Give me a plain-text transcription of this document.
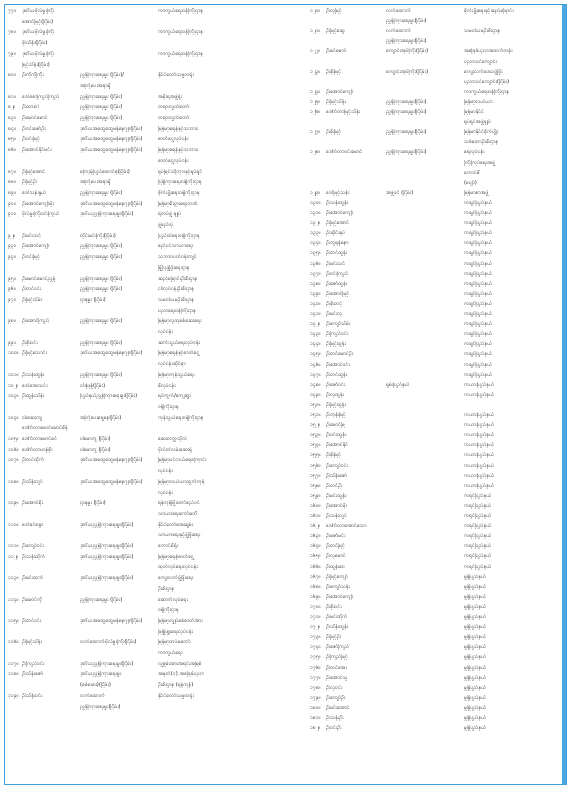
၇၇။	ဒုတိယဗိုလ်မှူးကြီး	ကာကွယ်ရေးဝန်ကြီးဌာန
အောင်မြင့်(ငြိမ်း)
၇၈။	ဒုတိယဗိုလ်မှူးကြီး	ကာကွယ်ရေးဝန်ကြီးဌာန
ဖိုးသိန်း(ငြိမ်း)
၇၉။	ဒုတိယဗိုလ်မှူးကြီး	ကာကွယ်ရေးဝန်ကြီးဌာန
မြင့်သိန်း(ငြိမ်း)
၈၀။	ဦးကိုကိုကြီး	ညွှန်ကြားရေးမှူး (ငြိမ်း)/	နိုင်ငံတော်သမ္မတရုံး
အကြံပေးအရာရှိ
၈၁။	ဒေါ်စောကြည်ကြည်	ညွှန်ကြားရေးမှူး (ငြိမ်း)	အစိုးရအဖွဲ့ရုံး
၈၂။	ဦးထားဝါ	ညွှန်ကြားရေးမှူး (ငြိမ်း)	တရားလွှတ်တော်
၈၃။	ဦးမောင်မောင်	ညွှန်ကြားရေးမှူး (ငြိမ်း)	တရားလွှတ်တော်
၈၄။	ဦးဝင်းဇော်ဦး	ဒုတိယအထွေထွေမန်နေဂျာ(ငြိမ်း)	မြန်မာ့ရေနံနှင့်သဘာဝ
၈၅။	ဦးဝင်းမြင့်	ဒုတိယအထွေထွေမန်နေဂျာ(ငြိမ်း)	ဓာတ်ငွေ့လုပ်ငန်း
၈၆။	ဦးအောင်ခိုင်မင်း	ဒုတိယအထွေထွေမန်နေဂျာ(ငြိမ်း)	မြန်မာ့ရေနံနှင့်သဘာဝ
ဓာတ်ငွေ့လုပ်ငန်း
၈၇။	ဦးမြင့်အောင်	ကြေးမုံပြည်ထောင်စု(ငြိမ်း)	ရုပ်မြင်သံကြားနှင့်ရုပ်ရှင်
၈၈။	ဦးမြင့်ဦး	အကြံပေးအရာရှိ	ပြန်ကြားရေးဝန်ကြီးဌာန
၈၉။	ဒေါ်သန်းနွယ်	ညွှန်ကြားရေးမှူး (ငြိမ်း)	စိုက်ပျိုးရေးဝန်ကြီးဌာန
၉၀။	ဦးအောင်ကျော်မိုး	ဒုတိယအထွေထွေမန်နေဂျာ(ငြိမ်း)	မြန်မာ့စီးပွားရေးဘဏ်
၉၁။	ဗိုလ်မှူးကြီးဝင်းကြွယ်	ဒုတိယညွှန်ကြားရေးမှူး(ငြိမ်း)	ရဲတပ်ဖွဲ့ ချုပ်
ဖွဲ့စည်းပုံ
၉၂။	ဦးမင်းသင်	တိုင်းမင်းကြီး(ငြိမ်း)	ပြည်ထဲရေးဝန်ကြီးဌာန
၉၃။	ဦးအောင်ကျော်	ညွှန်ကြားရေးမှူး (ငြိမ်း)	စည်ပင်သာယာရေး
၉၄။	ဦးဝင်းမြင့်	ညွှန်ကြားရေးမှူး (ငြိမ်း)	သဘာဝပတ်ဝန်းကျင်
မြို့ပြဖွံ့ဖြိုးရေးဌာန
၉၅။	ဦးမောင်မောင်ညွှန့်	ညွှန်ကြားရေးမှူး (ငြိမ်း)	ဆည်မြောင်းဦးစီးဌာန
၉၆။	ဦးတင်ဝင်း	ညွှန်ကြားရေးမှူး (ငြိမ်း)	ငါးလုပ်ငန်းဦးစီးဌာန
၉၇။	ဦးမြင့်သိမ်း	ဌာနမှူး (ငြိမ်း)	သမဝါယမဦးစီးဌာန
ပညာရေးဝန်ကြီးဌာန
၉၈။	ဦးအောင်ကြည်	ညွှန်ကြားရေးမှူး (ငြိမ်း)	မြန်မာ့လူထုစစ်ဆေးရေး
လုပ်ငန်း
၉၉။	ဦးစိုးဝင်း	ညွှန်ကြားရေးမှူး (ငြိမ်း)	ဆက်သွယ်ရေးလုပ်ငန်း
၁၀၀။ ဦးမြင့်သောင်း	ဒုတိယအထွေထွေမန်နေဂျာ(ငြိမ်း)	မြန်မာ့ရေနံနှင့်ဓာတ်ငွေ့
လုပ်ငန်းဆိုင်ရာ
၁၀၁။ ဦးသန်းထွန်း	ညွှန်ကြားရေးမှူး (ငြိမ်း)	မြန်မာ့ကုန်သွယ်ရေး
၁၀၂။ ဒေါ်အေးသင်း	ဝါဒဖြန့်(ငြိမ်း)	စီလုပ်ငန်း
၁၀၃။ ဦးထွန်းသိန်း	ပြည်နယ်ညွှန်ကြားရေးမှူး(ငြိမ်း)	ရပ်ကွက်/ကျေးရွာ
ဝန်ကြီးဌာန
၁၀၄။ ဝါးဆေးကျ	အကြံပေးရှေ့နေ(ငြိမ်း)	ကုန်သွယ်ရေးဝန်ကြီးဌာန
ဒေါက်တာမောင်မောင်စိန်
၁၀၅။ ဒေါက်တာမောင်ခင်	ပါမောက္ခ (ငြိမ်း)	ဆေးတက္ကသိုလ်
၁၀၆။ ဒေါက်တာဟန်စိုး	ပါမောက္ခ (ငြိမ်း)	ဗိုလ်တဲလမ်းဆေးရုံ
၁၀၇။ ဦးတင်ထိုက်	ဒုတိယအထွေထွေမန်နေဂျာ(ငြိမ်း)	မြန်မာ့ပင်လယ်ရေကြောင်း
လုပ်ငန်း
၁၀၈။ ဦးသိန်းလွင်	ဒုတိယအထွေထွေမန်နေဂျာ(ငြိမ်း)	မြန်မာ့လယ်ယာထွက်ကုန်
လုပ်ငန်း
၁၀၉။ ဦးအောင်စိုး	ဌာနမှူး (ငြိမ်း)	ရန်ကုန်မြို့တော်စည်ပင်
သာယာရေးကော်မတီ
၁၁၀။ ဒေါ်ခင်စန္ဒာ	ဒုတိယညွှန်ကြားရေးမှူး(ငြိမ်း)	နိုင်ငံတော်အေးချမ်း
သာယာရေးနှင့်ဖွံ့ဖြိုးရေး
၁၁၁။ ဦးကျော်ဝင်း	ဒုတိယညွှန်ကြားရေးမှူး(ငြိမ်း)	ကောင်စီရုံး
၁၁၂။ ဦးသန်းထိုက်	ဒုတိယညွှန်ကြားရေးမှူး(ငြိမ်း)	မြန်မာ့ရေနံဓာတ်ငွေ့
ထုတ်လုပ်ရေးလုပ်ငန်း
၁၁၃။ ဦးမင်းထက်	ဒုတိယညွှန်ကြားရေးမှူး(ငြိမ်း)	ကျေးလက်ဖွံ့ဖြိုးရေး
ဦးစီးဌာန
၁၁၄။ ဦးမောင်ကို	ညွှန်ကြားရေးမှူး (ငြိမ်း)	ဆောက်လုပ်ရေး
ဝန်ကြီးဌာန
၁၁၅။ ဦးတင်ဝင်း	ဒုတိယအထွေထွေမန်နေဂျာ(ငြိမ်း)	မြန်မာ့လျှပ်စစ်ဓာတ်အား
ဖြန့်ဖြူးရေးလုပ်ငန်း
၁၁၆။ ဦးမြင့်သိန်း	လက်ထောက်ဗိုလ်မှူးကြီး(ငြိမ်း)	မြန်မာ့တပ်မတော်
ကာကွယ်ရေး
၁၁၇။ ဦးကြည်ဝင်း	ဒုတိယညွှန်ကြားရေးမှူး(ငြိမ်း)	လူ့စွမ်းအားအရင်းအမြစ်
၁၁၈။ ဦးသိန်းဇော်	ဒုတိယညွှန်ကြားရေးမှူး	အမှတ်(၁) အခြေခံပညာ
(စစ်ဆေး)(ငြိမ်း)	ဦးစီးဌာန (ရန်ကုန်)
၁၁၉။ ဦးသိန်းဝင်း	လက်ထောက်	နိုင်ငံတော်သမ္မတရုံး
ညွှန်ကြားရေးမှူး(ငြိမ်း)
၁၂၀။	ဦးလှမြင့်	လက်ထောက်	စိုက်ပျိုးရေးနှင့်ဆည်မြောင်း
ညွှန်ကြားရေးမှူး(ငြိမ်း)
၁၂၁။	ဦးမြင့်ဆွေ	လက်ထောက်	သမဝါယမဦးစီးဌာန
ညွှန်ကြားရေးမှူး(ငြိမ်း)
၁၂၂။	ဦးခင်မောင်	ကျောင်းအုပ်ကြီး(ငြိမ်း)	အခြေခံပညာအထက်တန်း
ပညာသင်ကျောင်း
၁၂၃။	ဦးစိုးမြင့်	ကျောင်းအုပ်ကြီး(ငြိမ်း)	ကျေးလက်ဒေသဖွံ့ဖြိုး
ပညာသင်ကျောင်း(ငြိမ်း)
၁၂၄။	ဦးအောင်ကျော်	ကာကွယ်ရေးဝန်ကြီးဌာန
၁၂၅။	ဦးမြင့်သိန်း	ညွှန်ကြားရေးမှူး(ငြိမ်း)	မြန်မာ့လယ်ယာ
၁၂၆။	ဒေါက်တာမြင့်သိန်း	ညွှန်ကြားရေးမှူး(ငြိမ်း)	မြန်မာနိုင်ငံ
ရုပ်ရှင်အဖွဲ့ချုပ်
၁၂၇။	ဦးစိုးမြင့်	ညွှန်ကြားရေးမှူး(ငြိမ်း)	မြန်မာနိုင်ငံစိုက်ပျိုး
သစ်တောဦးစီးဌာန
၁၂၈။	ဒေါက်တာဝင်းမောင်	ညွှန်ကြားရေးမှူး(ငြိမ်း)	ရေလုပ်ငန်း
ကြီးကြပ်ရေးအဖွဲ့
ကောင်စီ
(ပျော်)
၁၂၉။	ဒေါ်မြင့်သန်း	အဖွဲ့ဝင် (ငြိမ်း)	မြန်မာစာအဖွဲ့
၁၃၀။	ဦးသန်းထွန်း	ကချင်ပြည်နယ်
၁၃၁။	ဦးအောင်ကျော်	ကချင်ပြည်နယ်
၁၃၂။	ဦးမြင့်အောင်	ကချင်ပြည်နယ်
၁၃၃။	ဦးဆိုင်းနုပ်	ကချင်ပြည်နယ်
၁၃၄။	ဦးဘူရန်နော	ကချင်ပြည်နယ်
၁၃၅။	ဦးတင်ထွန်း	ကချင်ပြည်နယ်
၁၃၆။	ဦးမင်းသင်	ကချင်ပြည်နယ်
၁၃၇။	ဦးဝင်းကြည်	ကချင်ပြည်နယ်
၁၃၈။	ဦးဇော်ထွန်း	ကချင်ပြည်နယ်
၁၃၉။	ဦးအောင်မြင့်	ကချင်ပြည်နယ်
၁၄၀။	ဦးစိုးတင့်	ကချင်ပြည်နယ်
၁၄၁။	ဦးမင်းလှ	ကချင်ပြည်နယ်
၁၄၂။	ဦးကျော်သိမ်း	ကချင်ပြည်နယ်
၁၄၃။	ဦးကြည်ဝင်း	ကချင်ပြည်နယ်
၁၄၄။	ဦးမြင့်ထွန်း	ကချင်ပြည်နယ်
၁၄၅။	ဦးတင်မောင်ဦး	ကချင်ပြည်နယ်
၁၄၆။	ဦးအောင်ဝင်း	ကချင်ပြည်နယ်
၁၄၇။	ဦးတင်ထွန်း	ကချင်ပြည်နယ်
၁၄၈။	ဦးဇော်ဝင်း	ရှမ်းပြည်နယ်	ကယားပြည်နယ်
၁၄၉။	ဦးလှထွန်း	ကယားပြည်နယ်
၁၅၀။	ဦးမြင့်ထွန်း
၁၅၁။	ဦးဘုန်းမြင့်	ကယားပြည်နယ်
၁၅၂။	ဦးမောင်မြ	ကယားပြည်နယ်
၁၅၃။	ဦးဝင်းထွန်း	ကယားပြည်နယ်
၁၅၄။	ဦးအောင်နိုင်	ကယားပြည်နယ်
၁၅၅။	ဦးစိုးမြင့်	ကယားပြည်နယ်
၁၅၆။	ဦးကျော်ဝင်း	ကယားပြည်နယ်
၁၅၇။	ဦးသိန်းဇော်	ကယားပြည်နယ်
၁၅၈။	ဦးတင်ဦး	ကယားပြည်နယ်
၁၅၉။	ဦးမင်းထွန်း	ကရင်ပြည်နယ်
၁၆၀။	ဦးအောင်မိုး	ကရင်ပြည်နယ်
၁၆၁။	ဦးသန်းလွင်	ကရင်ပြည်နယ်
၁၆၂။	ဒေါက်တာအောင်သော	ကရင်ပြည်နယ်
၁၆၃။	ဦးဇော်မင်း	ကရင်ပြည်နယ်
၁၆၄။	ဦးတင်မြင့်	ကရင်ပြည်နယ်
၁၆၅။	ဦးလှမောင်	ကရင်ပြည်နယ်
၁၆၆။	ဦးထွန်းဝေ	ကရင်ပြည်နယ်
၁၆၇။	ဦးမြင့်ကျော်	မွန်ပြည်နယ်
၁၆၈။	ဦးကျော်သန်း	မွန်ပြည်နယ်
၁၆၉။	ဦးအောင်ကျော်	မွန်ပြည်နယ်
၁၇၀။	ဦးစိုးဝင်း	မွန်ပြည်နယ်
၁၇၁။	ဦးမင်းထိုက်	မွန်ပြည်နယ်
၁၇၂။	ဦးသိန်းထွန်း	မွန်ပြည်နယ်
၁၇၃။	ဦးမြင့်ဦး	မွန်ပြည်နယ်
၁၇၄။	ဦးဇော်ကြည်	မွန်ပြည်နယ်
၁၇၅။	ဦးကြည်မြင့်	မွန်ပြည်နယ်
၁၇၆။	ဦးတင်အေး	မွန်ပြည်နယ်
၁၇၇။	ဦးအောင်သူ	မွန်ပြည်နယ်
၁၇၈။	ဦးလှဝင်း	မွန်ပြည်နယ်
၁၇၉။	ဦးကျော်ဦး	မွန်ပြည်နယ်
၁၈၀။	ဦးမင်းအောင်	မွန်ပြည်နယ်
၁၈၁။	ဦးသန်းဦး	မွန်ပြည်နယ်
၁၈၂။	ဦးဝင်းဦး	မွန်ပြည်နယ်
